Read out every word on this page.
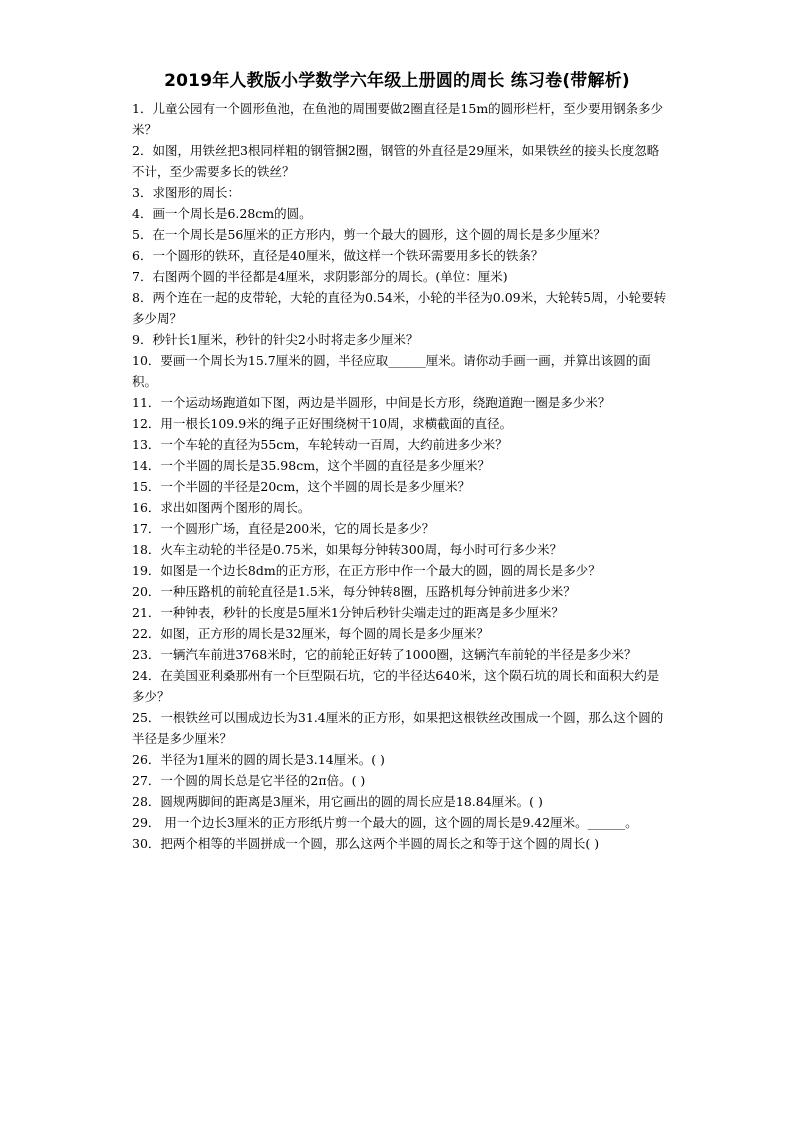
2019年人教版小学数学六年级上册圆的周长 练习卷(带解析)

1．儿童公园有一个圆形鱼池，在鱼池的周围要做2圈直径是15m的圆形栏杆，至少要用钢条多少米？

2．如图，用铁丝把3根同样粗的钢管捆2圈，钢管的外直径是29厘米，如果铁丝的接头长度忽略不计，至少需要多长的铁丝？

3．求图形的周长：

4．画一个周长是6.28cm的圆。

5．在一个周长是56厘米的正方形内，剪一个最大的圆形，这个圆的周长是多少厘米？

6．一个圆形的铁环，直径是40厘米，做这样一个铁环需要用多长的铁条？

7．右图两个圆的半径都是4厘米，求阴影部分的周长。(单位：厘米)

8．两个连在一起的皮带轮，大轮的直径为0.54米，小轮的半径为0.09米，大轮转5周，小轮要转多少周？

9．秒针长1厘米，秒针的针尖2小时将走多少厘米？

10．要画一个周长为15.7厘米的圆，半径应取______厘米。请你动手画一画，并算出该圆的面积。

11．一个运动场跑道如下图，两边是半圆形，中间是长方形，绕跑道跑一圈是多少米？

12．用一根长109.9米的绳子正好围绕树干10周，求横截面的直径。

13．一个车轮的直径为55cm，车轮转动一百周，大约前进多少米？

14．一个半圆的周长是35.98cm，这个半圆的直径是多少厘米？

15．一个半圆的半径是20cm，这个半圆的周长是多少厘米？

16．求出如图两个图形的周长。

17．一个圆形广场，直径是200米，它的周长是多少？

18．火车主动轮的半径是0.75米，如果每分钟转300周，每小时可行多少米？

19．如图是一个边长8dm的正方形，在正方形中作一个最大的圆，圆的周长是多少？

20．一种压路机的前轮直径是1.5米，每分钟转8圈，压路机每分钟前进多少米？

21．一种钟表，秒针的长度是5厘米1分钟后秒针尖端走过的距离是多少厘米？

22．如图，正方形的周长是32厘米，每个圆的周长是多少厘米？

23．一辆汽车前进3768米时，它的前轮正好转了1000圈，这辆汽车前轮的半径是多少米？

24．在美国亚利桑那州有一个巨型陨石坑，它的半径达640米，这个陨石坑的周长和面积大约是多少？

25．一根铁丝可以围成边长为31.4厘米的正方形，如果把这根铁丝改围成一个圆，那么这个圆的半径是多少厘米？

26．半径为1厘米的圆的周长是3.14厘米。( )

27．一个圆的周长总是它半径的2π倍。( )

28．圆规两脚间的距离是3厘米，用它画出的圆的周长应是18.84厘米。( )

29． 用一个边长3厘米的正方形纸片剪一个最大的圆，这个圆的周长是9.42厘米。______。

30．把两个相等的半圆拼成一个圆，那么这两个半圆的周长之和等于这个圆的周长( )
